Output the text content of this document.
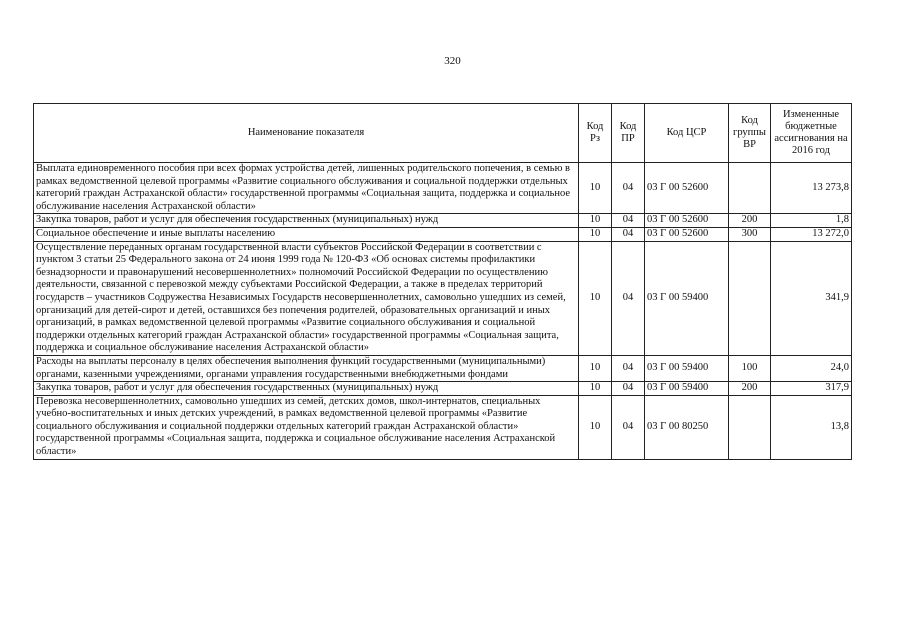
320
Наименование показателя	Код Рз	Код ПР	Код ЦСР	Код группы ВР	Измененные бюджетные ассигнования на 2016 год
Выплата единовременного пособия при всех формах устройства детей, лишенных родительского попечения, в семью в рамках ведомственной целевой программы «Развитие социального обслуживания и социальной поддержки отдельных категорий граждан Астраханской области» государственной программы «Социальная защита, поддержка и социальное обслуживание населения Астраханской области»	10	04	03 Г 00 52600		13 273,8
Закупка товаров, работ и услуг для обеспечения государственных (муниципальных) нужд	10	04	03 Г 00 52600	200	1,8
Социальное обеспечение и иные выплаты населению	10	04	03 Г 00 52600	300	13 272,0
Осуществление переданных органам государственной власти субъектов Российской Федерации в соответствии с пунктом 3 статьи 25 Федерального закона от 24 июня 1999 года № 120-ФЗ «Об основах системы профилактики безнадзорности и правонарушений несовершеннолетних» полномочий Российской Федерации по осуществлению деятельности, связанной с перевозкой между субъектами Российской Федерации, а также в пределах территорий государств – участников Содружества Независимых Государств несовершеннолетних, самовольно ушедших из семей, организаций для детей-сирот и детей, оставшихся без попечения родителей, образовательных организаций и иных организаций, в рамках ведомственной целевой программы «Развитие социального обслуживания и социальной поддержки отдельных категорий граждан Астраханской области» государственной программы «Социальная защита, поддержка и социальное обслуживание населения Астраханской области»	10	04	03 Г 00 59400		341,9
Расходы на выплаты персоналу в целях обеспечения выполнения функций государственными (муниципальными) органами, казенными учреждениями, органами управления государственными внебюджетными фондами	10	04	03 Г 00 59400	100	24,0
Закупка товаров, работ и услуг для обеспечения государственных (муниципальных) нужд	10	04	03 Г 00 59400	200	317,9
Перевозка несовершеннолетних, самовольно ушедших из семей, детских домов, школ-интернатов, специальных учебно-воспитательных и иных детских учреждений, в рамках ведомственной целевой программы «Развитие социального обслуживания и социальной поддержки отдельных категорий граждан Астраханской области» государственной программы «Социальная защита, поддержка и социальное обслуживание населения Астраханской области»	10	04	03 Г 00 80250		13,8
